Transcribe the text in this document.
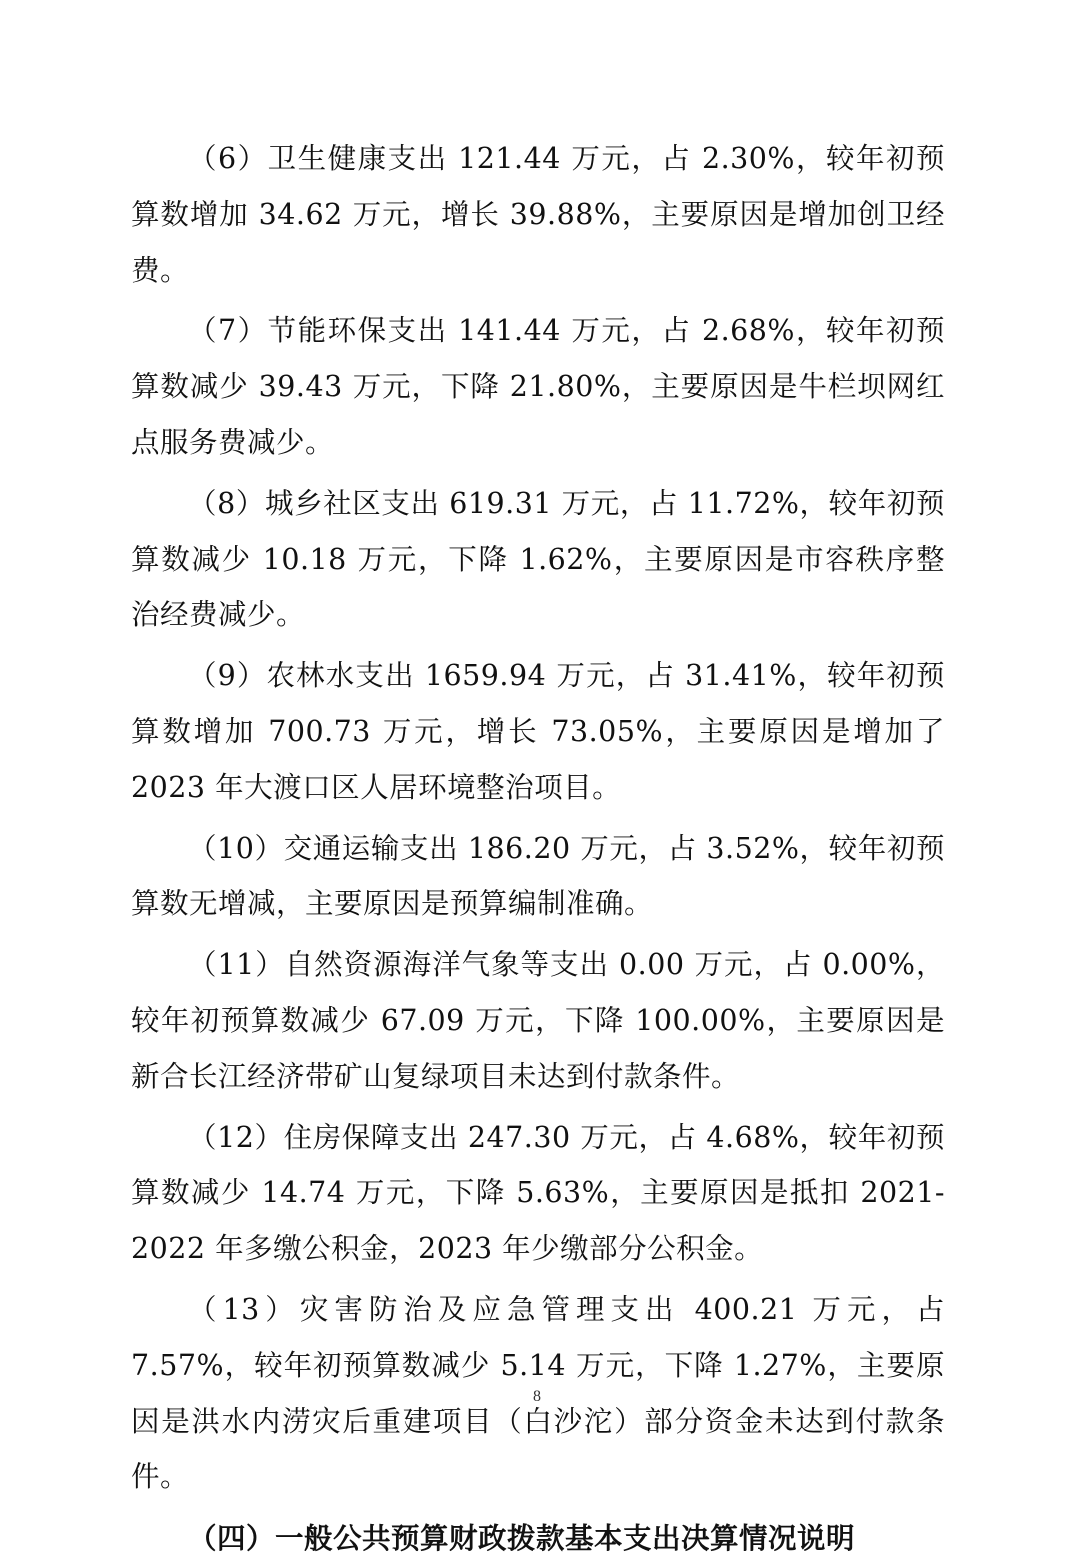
（6）卫生健康支出 121.44 万元，占 2.30%，较年初预算数增加 34.62 万元，增长 39.88%，主要原因是增加创卫经费。

（7）节能环保支出 141.44 万元，占 2.68%，较年初预算数减少 39.43 万元，下降 21.80%，主要原因是牛栏坝网红点服务费减少。

（8）城乡社区支出 619.31 万元，占 11.72%，较年初预算数减少 10.18 万元，下降 1.62%，主要原因是市容秩序整治经费减少。

（9）农林水支出 1659.94 万元，占 31.41%，较年初预算数增加 700.73 万元，增长 73.05%，主要原因是增加了 2023 年大渡口区人居环境整治项目。

（10）交通运输支出 186.20 万元，占 3.52%，较年初预算数无增减，主要原因是预算编制准确。

（11）自然资源海洋气象等支出 0.00 万元，占 0.00%，较年初预算数减少 67.09 万元，下降 100.00%，主要原因是新合长江经济带矿山复绿项目未达到付款条件。

（12）住房保障支出 247.30 万元，占 4.68%，较年初预算数减少 14.74 万元，下降 5.63%，主要原因是抵扣 2021-2022 年多缴公积金，2023 年少缴部分公积金。

（13）灾害防治及应急管理支出 400.21 万元，占 7.57%，较年初预算数减少 5.14 万元，下降 1.27%，主要原因是洪水内涝灾后重建项目（白沙沱）部分资金未达到付款条件。

（四）一般公共预算财政拨款基本支出决算情况说明

8
